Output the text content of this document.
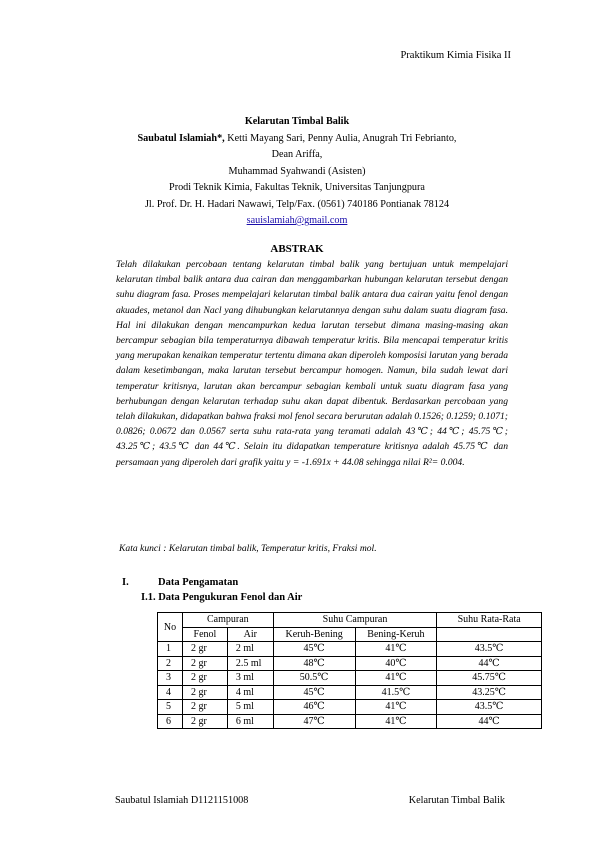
Praktikum Kimia Fisika II
Kelarutan Timbal Balik
Saubatul Islamiah*, Ketti Mayang Sari, Penny Aulia, Anugrah Tri Febrianto,
Dean Ariffa,
Muhammad Syahwandi (Asisten)
Prodi Teknik Kimia, Fakultas Teknik, Universitas Tanjungpura
Jl. Prof. Dr. H. Hadari Nawawi, Telp/Fax. (0561) 740186 Pontianak 78124
sauislamiah@gmail.com
ABSTRAK

Telah dilakukan percobaan tentang kelarutan timbal balik yang bertujuan untuk mempelajari kelarutan timbal balik antara dua cairan dan menggambarkan hubungan kelarutan tersebut dengan suhu diagram fasa. Proses mempelajari kelarutan timbal balik antara dua cairan yaitu fenol dengan akuades, metanol dan Nacl yang dihubungkan kelarutannya dengan suhu dalam suatu diagram fasa. Hal ini dilakukan dengan mencampurkan kedua larutan tersebut dimana masing-masing akan bercampur sebagian bila temperaturnya dibawah temperatur kritis. Bila mencapai temperatur kritis yang merupakan kenaikan temperatur tertentu dimana akan diperoleh komposisi larutan yang berada dalam kesetimbangan, maka larutan tersebut bercampur homogen. Namun, bila sudah lewat dari temperatur kritisnya, larutan akan bercampur sebagian kembali untuk suatu diagram fasa yang berhubungan dengan kelarutan terhadap suhu akan dapat dibentuk. Berdasarkan percobaan yang telah dilakukan, didapatkan bahwa fraksi mol fenol secara berurutan adalah 0.1526; 0.1259; 0.1071; 0.0826; 0.0672 dan 0.0567 serta suhu rata-rata yang teramati adalah 43℃; 44℃; 45.75℃; 43.25℃; 43.5℃ dan 44℃. Selain itu didapatkan temperature kritisnya adalah 45.75℃ dan persamaan yang diperoleh dari grafik yaitu y = -1.691x + 44.08 sehingga nilai R²= 0.004.

Kata kunci : Kelarutan timbal balik, Temperatur kritis, Fraksi mol.
I.	Data Pengamatan
I.1. Data Pengukuran Fenol dan Air
No	Campuran		Suhu Campuran		Suhu Rata-Rata
	Fenol	Air	Keruh-Bening	Bening-Keruh	
1	2 gr	2 ml	45℃	41℃	43.5℃
2	2 gr	2.5 ml	48℃	40℃	44℃
3	2 gr	3 ml	50.5℃	41℃	45.75℃
4	2 gr	4 ml	45℃	41.5℃	43.25℃
5	2 gr	5 ml	46℃	41℃	43.5℃
6	2 gr	6 ml	47℃	41℃	44℃
Saubatul Islamiah D1121151008	Kelarutan Timbal Balik
